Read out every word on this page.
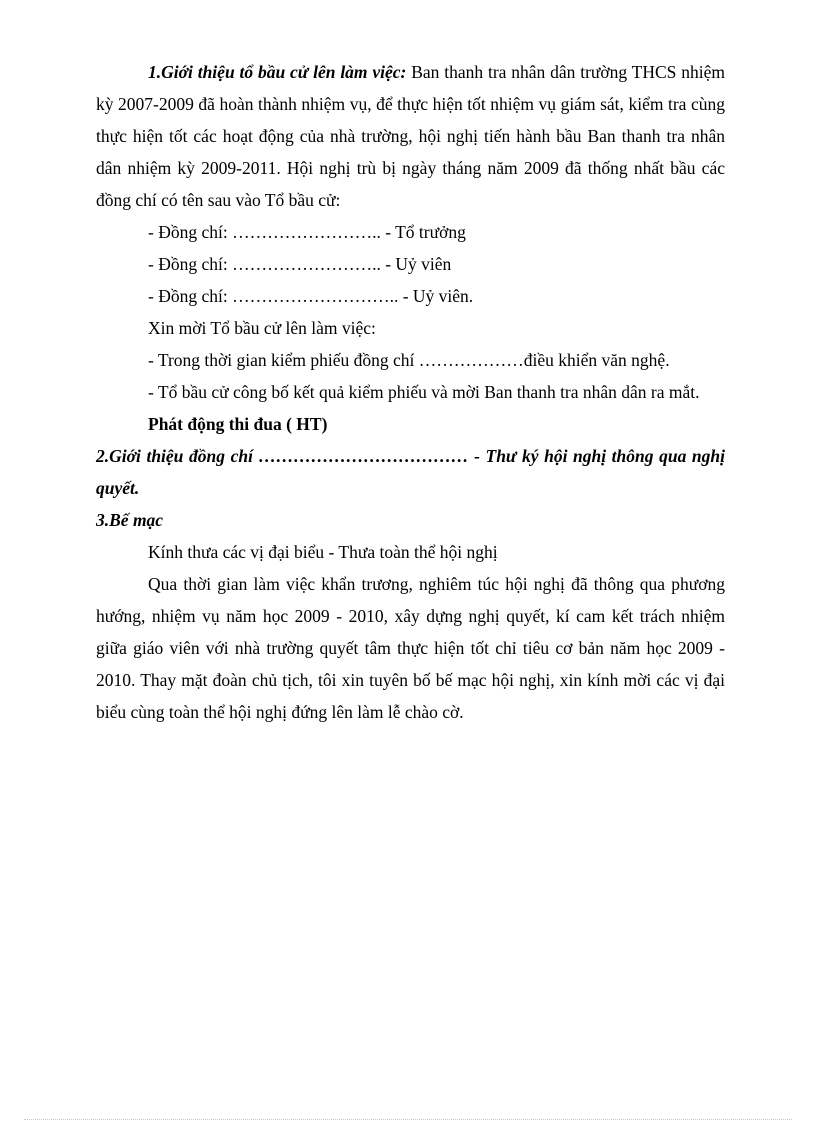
1.Giới thiệu tổ bầu cử lên làm việc: Ban thanh tra nhân dân trường THCS nhiệm kỳ 2007-2009 đã hoàn thành nhiệm vụ, để thực hiện tốt nhiệm vụ giám sát, kiểm tra cùng thực hiện tốt các hoạt động của nhà trường, hội nghị tiến hành bầu Ban thanh tra nhân dân nhiệm kỳ 2009-2011. Hội nghị trù bị ngày tháng năm 2009 đã thống nhất bầu các đồng chí có tên sau vào Tổ bầu cử:

- Đồng chí: …………………….. - Tổ trưởng

- Đồng chí: …………………….. - Uỷ viên

- Đồng chí: ……………………….. - Uỷ viên.

Xin mời Tổ bầu cử lên làm việc:

- Trong thời gian kiểm phiếu đồng chí ………………điều khiển văn nghệ.

- Tổ bầu cử công bố kết quả kiểm phiếu và mời Ban thanh tra nhân dân ra mắt.

Phát động thi đua ( HT)

2.Giới thiệu đồng chí ……………………………… - Thư ký hội nghị thông qua nghị quyết.

3.Bế mạc

Kính thưa các vị đại biểu - Thưa toàn thể hội nghị

Qua thời gian làm việc khẩn trương, nghiêm túc hội nghị đã thông qua phương hướng, nhiệm vụ năm học 2009 - 2010, xây dựng nghị quyết, kí cam kết trách nhiệm giữa giáo viên với nhà trường quyết tâm thực hiện tốt chỉ tiêu cơ bản năm học 2009 - 2010. Thay mặt đoàn chủ tịch, tôi xin tuyên bố bế mạc hội nghị, xin kính mời các vị đại biểu cùng toàn thể hội nghị đứng lên làm lễ chào cờ.
